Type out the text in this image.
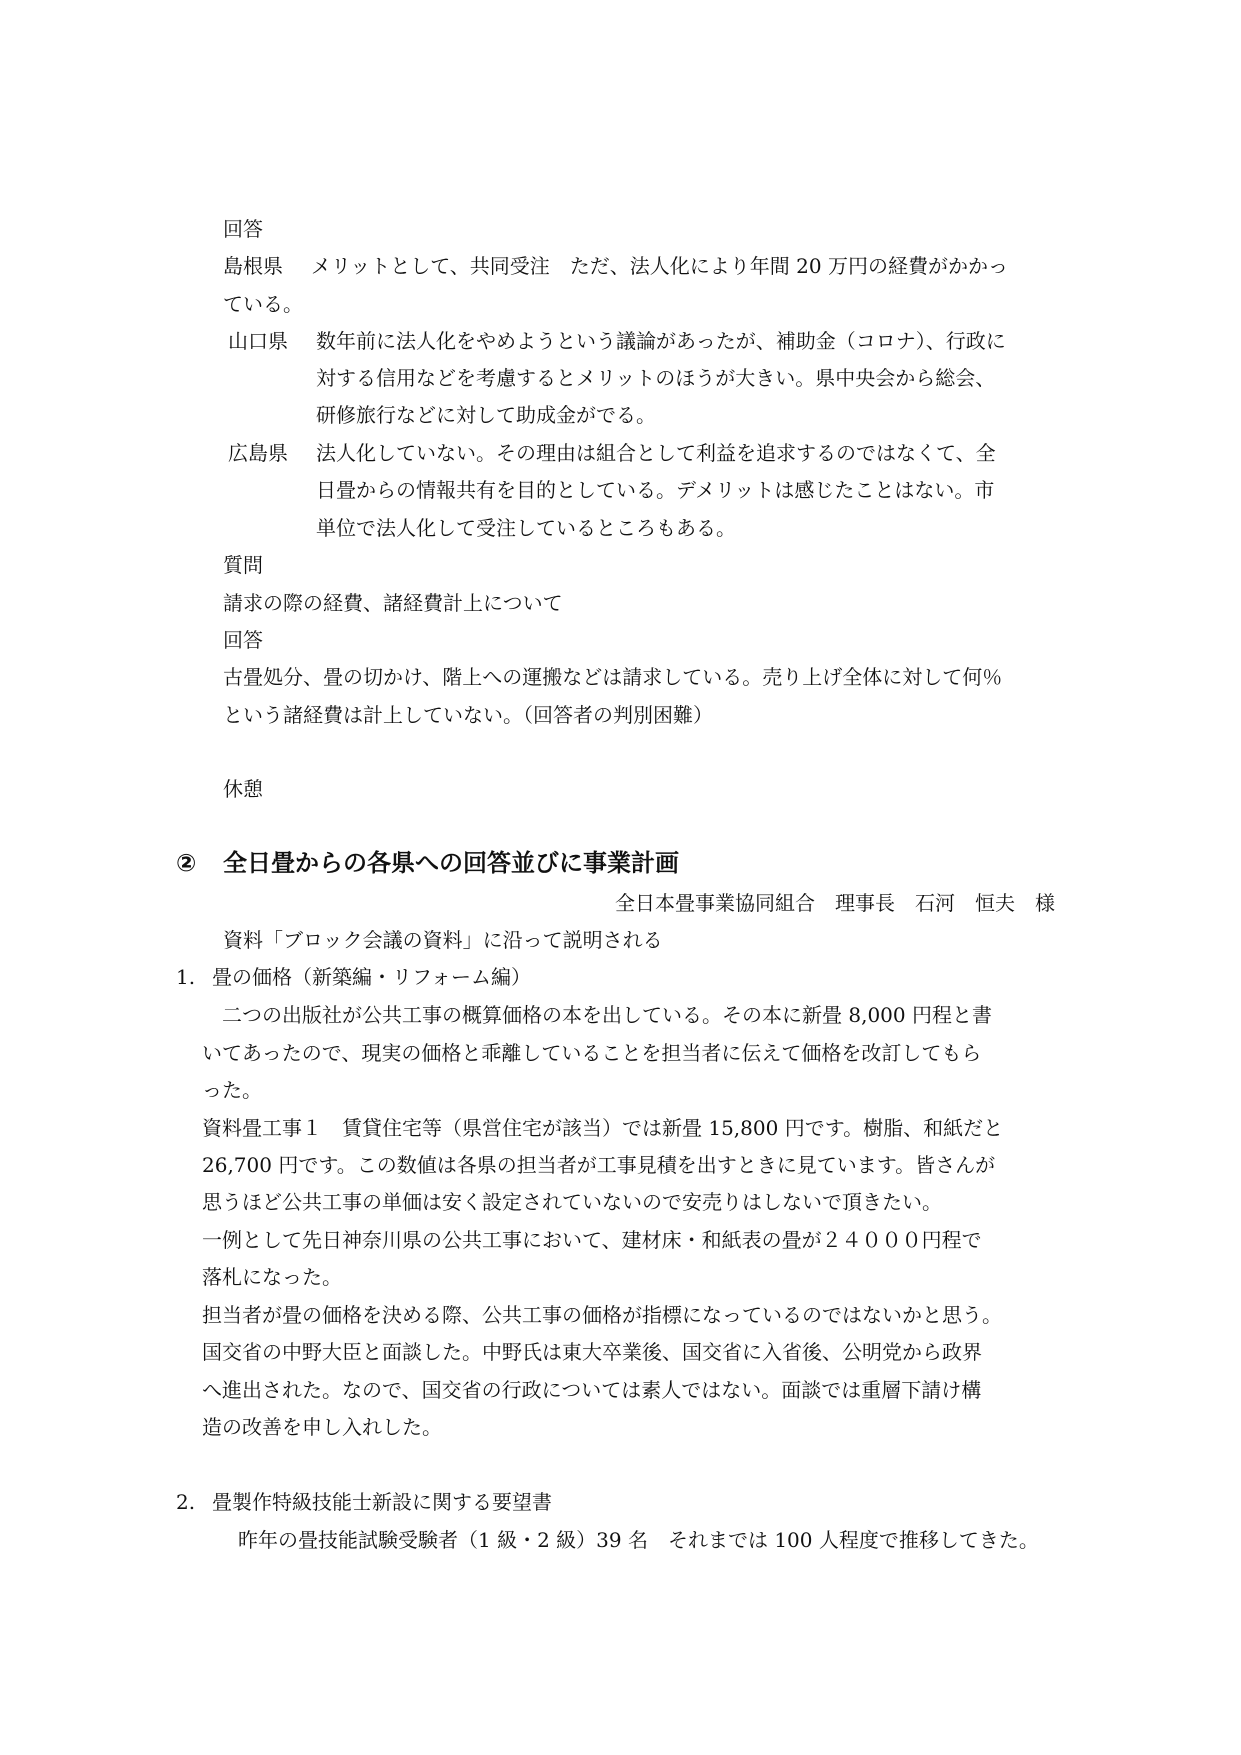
回答
島根県 メリットとして、共同受注　ただ、法人化により年間 20 万円の経費がかかっ
ている。
山口県 数年前に法人化をやめようという議論があったが、補助金（コロナ）、行政に
対する信用などを考慮するとメリットのほうが大きい。県中央会から総会、
研修旅行などに対して助成金がでる。
広島県 法人化していない。その理由は組合として利益を追求するのではなくて、全
日畳からの情報共有を目的としている。デメリットは感じたことはない。市
単位で法人化して受注しているところもある。
質問
請求の際の経費、諸経費計上について
回答
古畳処分、畳の切かけ、階上への運搬などは請求している。売り上げ全体に対して何％
という諸経費は計上していない。（回答者の判別困難）
休憩
② 全日畳からの各県への回答並びに事業計画
全日本畳事業協同組合　理事長　石河　恒夫　様
資料「ブロック会議の資料」に沿って説明される
1. 畳の価格（新築編・リフォーム編）
二つの出版社が公共工事の概算価格の本を出している。その本に新畳 8,000 円程と書
いてあったので、現実の価格と乖離していることを担当者に伝えて価格を改訂してもら
った。
資料畳工事１　賃貸住宅等（県営住宅が該当）では新畳 15,800 円です。樹脂、和紙だと
26,700 円です。この数値は各県の担当者が工事見積を出すときに見ています。皆さんが
思うほど公共工事の単価は安く設定されていないので安売りはしないで頂きたい。
一例として先日神奈川県の公共工事において、建材床・和紙表の畳が２４０００円程で
落札になった。
担当者が畳の価格を決める際、公共工事の価格が指標になっているのではないかと思う。
国交省の中野大臣と面談した。中野氏は東大卒業後、国交省に入省後、公明党から政界
へ進出された。なので、国交省の行政については素人ではない。面談では重層下請け構
造の改善を申し入れした。
2. 畳製作特級技能士新設に関する要望書
昨年の畳技能試験受験者（1 級・2 級）39 名　それまでは 100 人程度で推移してきた。
